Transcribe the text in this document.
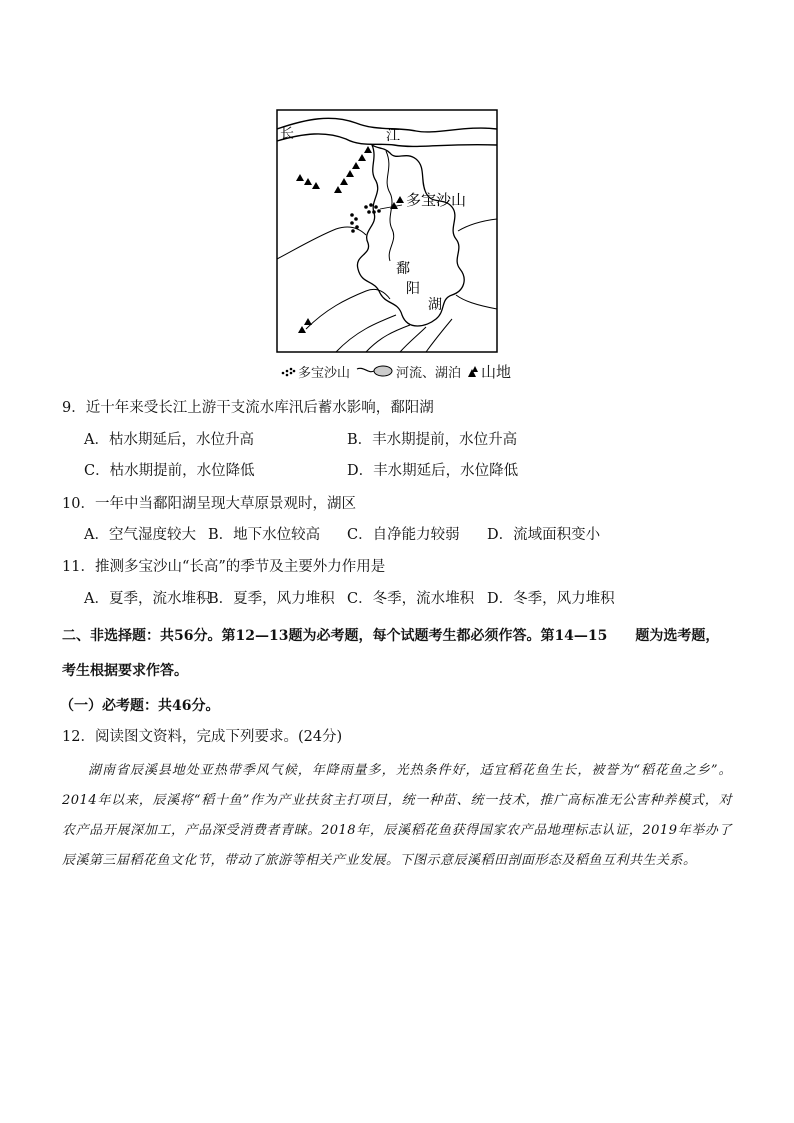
长	江
多宝沙山
鄱
阳
湖
多宝沙山	河流、湖泊 山地
9．近十年来受长江上游干支流水库汛后蓄水影响，鄱阳湖
A．枯水期延后，水位升高	B．丰水期提前，水位升高
C．枯水期提前，水位降低	D．丰水期延后，水位降低
10．一年中当鄱阳湖呈现大草原景观时，湖区
A．空气湿度较大 B．地下水位较高 C．自净能力较弱 D．流域面积变小
11．推测多宝沙山“长高”的季节及主要外力作用是
A．夏季，流水堆积
B．夏季，风力堆积 C．冬季，流水堆积 D．冬季，风力堆积
二、非选择题：共56分。第12—13题为必考题，每个试题考生都必须作答。第14—15　　题为选考题，
考生根据要求作答。
（一）必考题：共46分。
12．阅读图文资料，完成下列要求。(24分)

湖南省辰溪县地处亚热带季风气候，年降雨量多，光热条件好，适宜稻花鱼生长，被誉为“稻花鱼之乡”。2014年以来，辰溪将“稻十鱼”作为产业扶贫主打项目，统一种苗、统一技术，推广高标准无公害种养模式，对农产品开展深加工，产品深受消费者青睐。2018年，辰溪稻花鱼获得国家农产品地理标志认证，2019年举办了辰溪第三届稻花鱼文化节，带动了旅游等相关产业发展。下图示意辰溪稻田剖面形态及稻鱼互利共生关系。
